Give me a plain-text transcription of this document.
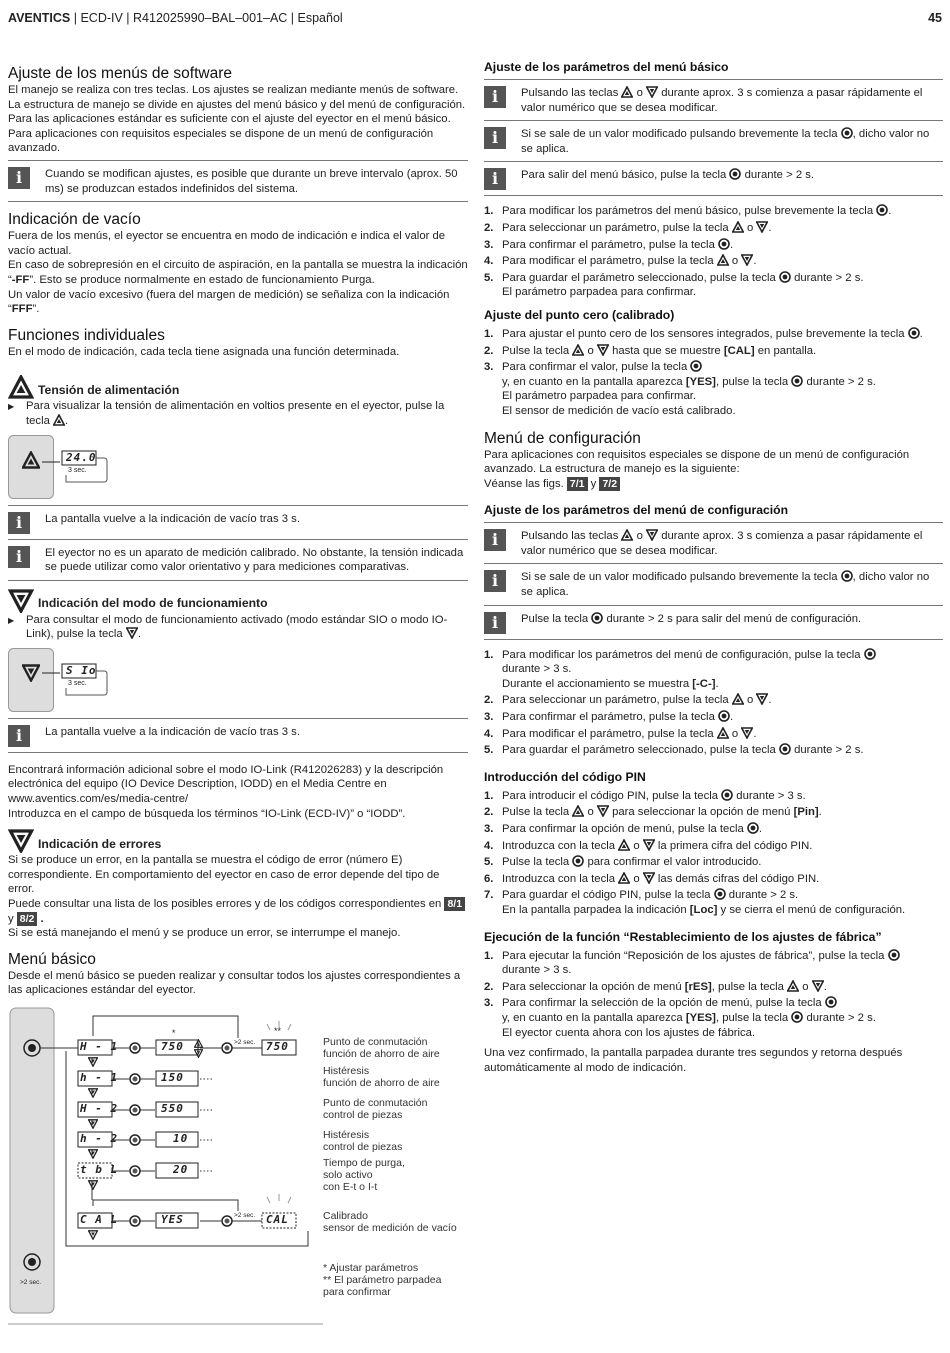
AVENTICS | ECD-IV | R412025990–BAL–001–AC | Español	45
Ajuste de los menús de software

El manejo se realiza con tres teclas. Los ajustes se realizan mediante menús de software. La estructura de manejo se divide en ajustes del menú básico y del menú de configuración. Para las aplicaciones estándar es suficiente con el ajuste del eyector en el menú básico. Para aplicaciones con requisitos especiales se dispone de un menú de configuración avanzado.

i	Cuando se modifican ajustes, es posible que durante un breve intervalo (aprox. 50 ms) se produzcan estados indefinidos del sistema.
Indicación de vacío

Fuera de los menús, el eyector se encuentra en modo de indicación e indica el valor de vacío actual.

En caso de sobrepresión en el circuito de aspiración, en la pantalla se muestra la indicación “-FF”. Esto se produce normalmente en estado de funcionamiento Purga.

Un valor de vacío excesivo (fuera del margen de medición) se señaliza con la indicación “FFF”.

Funciones individuales

En el modo de indicación, cada tecla tiene asignada una función determinada.

Tensión de alimentación
▶	Para visualizar la tensión de alimentación en voltios presente en el eyector, pulse la tecla .
24.0
3 sec.
i	La pantalla vuelve a la indicación de vacío tras 3 s.
i	El eyector no es un aparato de medición calibrado. No obstante, la tensión indicada se puede utilizar como valor orientativo y para mediciones comparativas.
Indicación del modo de funcionamiento
▶	Para consultar el modo de funcionamiento activado (modo estándar SIO o modo IO-Link), pulse la tecla .
S Io
3 sec.
i	La pantalla vuelve a la indicación de vacío tras 3 s.

Encontrará información adicional sobre el modo IO-Link (R412026283) y la descripción electrónica del equipo (IO Device Description, IODD) en el Media Centre en www.aventics.com/es/media-centre/

Introduzca en el campo de búsqueda los términos “IO-Link (ECD-IV)” o “IODD”.

Indicación de errores

Si se produce un error, en la pantalla se muestra el código de error (número E) correspondiente. En comportamiento del eyector en caso de error depende del tipo de error.

Puede consultar una lista de los posibles errores y de los códigos correspondientes en 8/1 y 8/2 .

Si se está manejando el menú y se produce un error, se interrumpe el manejo.

Menú básico

Desde el menú básico se pueden realizar y consultar todos los ajustes correspondientes a las aplicaciones estándar del eyector.

H - 1
h - 1
H - 2
h - 2
t b L
C A L
750
150
550
10
20
YES
750
CAL
>2 sec.
>2 sec.
>2 sec.
*	**
Punto de conmutación
función de ahorro de aire
Histéresis
función de ahorro de aire
Punto de conmutación
control de piezas
Histéresis
control de piezas
Tiempo de purga,
solo activo
con E-t o I-t
Calibrado
sensor de medición de vacío
* Ajustar parámetros
** El parámetro parpadea
para confirmar
Ajuste de los parámetros del menú básico
i	Pulsando las teclas o durante aprox. 3 s comienza a pasar rápidamente el valor numérico que se desea modificar.
i	Si se sale de un valor modificado pulsando brevemente la tecla , dicho valor no se aplica.
i	Para salir del menú básico, pulse la tecla durante > 2 s.
1. Para modificar los parámetros del menú básico, pulse brevemente la tecla .
2. Para seleccionar un parámetro, pulse la tecla o .
3. Para confirmar el parámetro, pulse la tecla .
4. Para modificar el parámetro, pulse la tecla o .
5. Para guardar el parámetro seleccionado, pulse la tecla durante > 2 s.
El parámetro parpadea para confirmar.
Ajuste del punto cero (calibrado)
1. Para ajustar el punto cero de los sensores integrados, pulse brevemente la tecla .
2. Pulse la tecla o hasta que se muestre [CAL] en pantalla.
3. Para confirmar el valor, pulse la tecla
y, en cuanto en la pantalla aparezca [YES], pulse la tecla durante > 2 s.
El parámetro parpadea para confirmar.
El sensor de medición de vacío está calibrado.
Menú de configuración

Para aplicaciones con requisitos especiales se dispone de un menú de configuración avanzado. La estructura de manejo es la siguiente:

Véanse las figs. 7/1 y 7/2

Ajuste de los parámetros del menú de configuración
i	Pulsando las teclas o durante aprox. 3 s comienza a pasar rápidamente el valor numérico que se desea modificar.
i	Si se sale de un valor modificado pulsando brevemente la tecla , dicho valor no se aplica.
i	Pulse la tecla durante > 2 s para salir del menú de configuración.
1. Para modificar los parámetros del menú de configuración, pulse la tecla
durante > 3 s.
Durante el accionamiento se muestra [-C-].
2. Para seleccionar un parámetro, pulse la tecla o .
3. Para confirmar el parámetro, pulse la tecla .
4. Para modificar el parámetro, pulse la tecla o .
5. Para guardar el parámetro seleccionado, pulse la tecla durante > 2 s.
Introducción del código PIN
1. Para introducir el código PIN, pulse la tecla durante > 3 s.
2. Pulse la tecla o para seleccionar la opción de menú [Pin].
3. Para confirmar la opción de menú, pulse la tecla .
4. Introduzca con la tecla o la primera cifra del código PIN.
5. Pulse la tecla para confirmar el valor introducido.
6. Introduzca con la tecla o las demás cifras del código PIN.
7. Para guardar el código PIN, pulse la tecla durante > 2 s.
En la pantalla parpadea la indicación [Loc] y se cierra el menú de configuración.
Ejecución de la función “Restablecimiento de los ajustes de fábrica”
1. Para ejecutar la función “Reposición de los ajustes de fábrica”, pulse la tecla
durante > 3 s.
2. Para seleccionar la opción de menú [rES], pulse la tecla o .
3. Para confirmar la selección de la opción de menú, pulse la tecla
y, en cuanto en la pantalla aparezca [YES], pulse la tecla durante > 2 s.
El eyector cuenta ahora con los ajustes de fábrica.

Una vez confirmado, la pantalla parpadea durante tres segundos y retorna después automáticamente al modo de indicación.
